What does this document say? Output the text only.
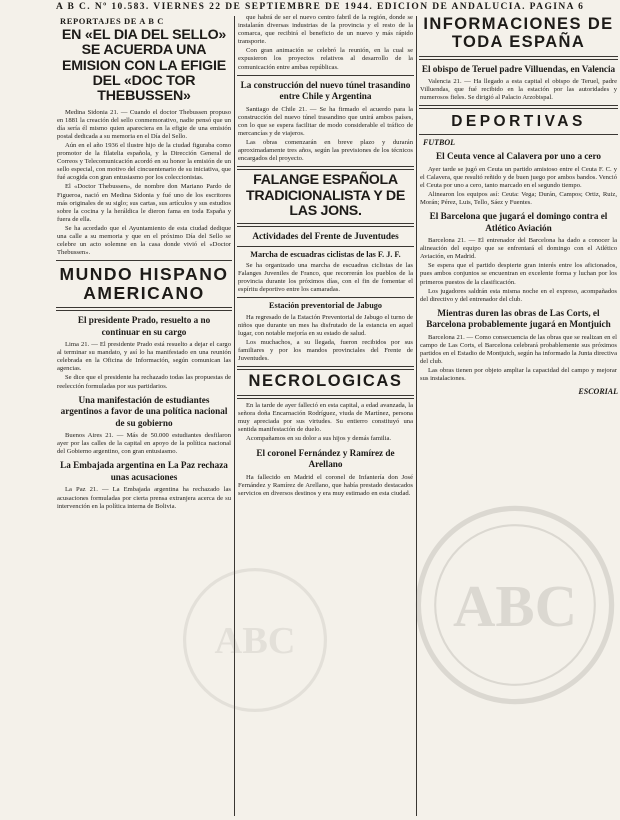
A B C. Nº 10.583. VIERNES 22 DE SEPTIEMBRE DE 1944. EDICION DE ANDALUCIA. PAGINA 6
REPORTAJES DE A B C
EN «EL DIA DEL SELLO» SE ACUERDA UNA EMISION CON LA EFIGIE DEL «DOC TOR THEBUSSEN»

Medina Sidonia 21. — Cuando el doctor Thebussen propuso en 1881 la creación del sello conmemorativo, nadie pensó que un día sería él mismo quien apareciera en la efigie de una emisión postal dedicada a su memoria en el Día del Sello.

Aún en el año 1936 el ilustre hijo de la ciudad figuraba como promotor de la filatelia española, y la Dirección General de Correos y Telecomunicación acordó en su honor la emisión de un sello especial, con motivo del cincuentenario de su iniciativa, que fué acogida con gran entusiasmo por los coleccionistas.

El «Doctor Thebussen», de nombre don Mariano Pardo de Figueroa, nació en Medina Sidonia y fué uno de los escritores más originales de su siglo; sus cartas, sus artículos y sus estudios sobre la cocina y la heráldica le dieron fama en toda España y fuera de ella.

Se ha acordado que el Ayuntamiento de esta ciudad dedique una calle a su memoria y que en el próximo Día del Sello se celebre un acto solemne en la casa donde vivió el «Doctor Thebussen».

MUNDO HISPANO AMERICANO
El presidente Prado, resuelto a no continuar en su cargo

Lima 21. — El presidente Prado está resuelto a dejar el cargo al terminar su mandato, y así lo ha manifestado en una reunión celebrada en la Oficina de Información, según comunican las agencias.

Se dice que el presidente ha rechazado todas las propuestas de reelección formuladas por sus partidarios.

Una manifestación de estudiantes argentinos a favor de una política nacional de su gobierno

Buenos Aires 21. — Más de 50.000 estudiantes desfilaron ayer por las calles de la capital en apoyo de la política nacional del Gobierno argentino, con gran entusiasmo.

La Embajada argentina en La Paz rechaza unas acusaciones

La Paz 21. — La Embajada argentina ha rechazado las acusaciones formuladas por cierta prensa extranjera acerca de su intervención en la política interna de Bolivia.

que habrá de ser el nuevo centro fabril de la región, donde se instalarán diversas industrias de la provincia y el resto de la comarca, que recibirá el beneficio de un nuevo y más rápido transporte.

Con gran animación se celebró la reunión, en la cual se expusieron los proyectos relativos al desarrollo de la comunicación entre ambas repúblicas.

La construcción del nuevo túnel trasandino entre Chile y Argentina

Santiago de Chile 21. — Se ha firmado el acuerdo para la construcción del nuevo túnel trasandino que unirá ambos países, con lo que se espera facilitar de modo considerable el tráfico de mercancías y de viajeros.

Las obras comenzarán en breve plazo y durarán aproximadamente tres años, según las previsiones de los técnicos encargados del proyecto.

FALANGE ESPAÑOLA TRADICIONALISTA Y DE LAS JONS.
Actividades del Frente de Juventudes
Marcha de escuadras ciclistas de las F. J. F.

Se ha organizado una marcha de escuadras ciclistas de las Falanges Juveniles de Franco, que recorrerán los pueblos de la provincia durante los próximos días, con el fin de fomentar el espíritu deportivo entre los camaradas.

Estación preventorial de Jabugo

Ha regresado de la Estación Preventorial de Jabugo el turno de niños que durante un mes ha disfrutado de la estancia en aquel lugar, con notable mejoría en su estado de salud.

Los muchachos, a su llegada, fueron recibidos por sus familiares y por los mandos provinciales del Frente de Juventudes.

NECROLOGICAS

En la tarde de ayer falleció en esta capital, a edad avanzada, la señora doña Encarnación Rodríguez, viuda de Martínez, persona muy apreciada por sus virtudes. Su entierro constituyó una sentida manifestación de duelo.

Acompañamos en su dolor a sus hijos y demás familia.

El coronel Fernández y Ramírez de Arellano

Ha fallecido en Madrid el coronel de Infantería don José Fernández y Ramírez de Arellano, que había prestado destacados servicios en diversos destinos y era muy estimado en esta ciudad.

INFORMACIONES DE TODA ESPAÑA
El obispo de Teruel padre Villuendas, en Valencia

Valencia 21. — Ha llegado a esta capital el obispo de Teruel, padre Villuendas, que fué recibido en la estación por las autoridades y numerosos fieles. Se dirigió al Palacio Arzobispal.

DEPORTIVAS
FUTBOL
El Ceuta vence al Calavera por uno a cero

Ayer tarde se jugó en Ceuta un partido amistoso entre el Ceuta F. C. y el Calavera, que resultó reñido y de buen juego por ambos bandos. Venció el Ceuta por uno a cero, tanto marcado en el segundo tiempo.

Alinearon los equipos así: Ceuta: Vega; Durán, Campos; Ortiz, Ruiz, Morán; Pérez, Luis, Tello, Sáez y Fuentes.

El Barcelona que jugará el domingo contra el Atlético Aviación

Barcelona 21. — El entrenador del Barcelona ha dado a conocer la alineación del equipo que se enfrentará el domingo con el Atlético Aviación, en Madrid.

Se espera que el partido despierte gran interés entre los aficionados, pues ambos conjuntos se encuentran en excelente forma y luchan por los primeros puestos de la clasificación.

Los jugadores saldrán esta misma noche en el expreso, acompañados del directivo y del entrenador del club.

Mientras duren las obras de Las Corts, el Barcelona probablemente jugará en Montjuich

Barcelona 21. — Como consecuencia de las obras que se realizan en el campo de Las Corts, el Barcelona celebrará probablemente sus próximos partidos en el Estadio de Montjuich, según ha informado la Junta directiva del club.

Las obras tienen por objeto ampliar la capacidad del campo y mejorar sus instalaciones.

ESCORIAL
ABC
ABC
